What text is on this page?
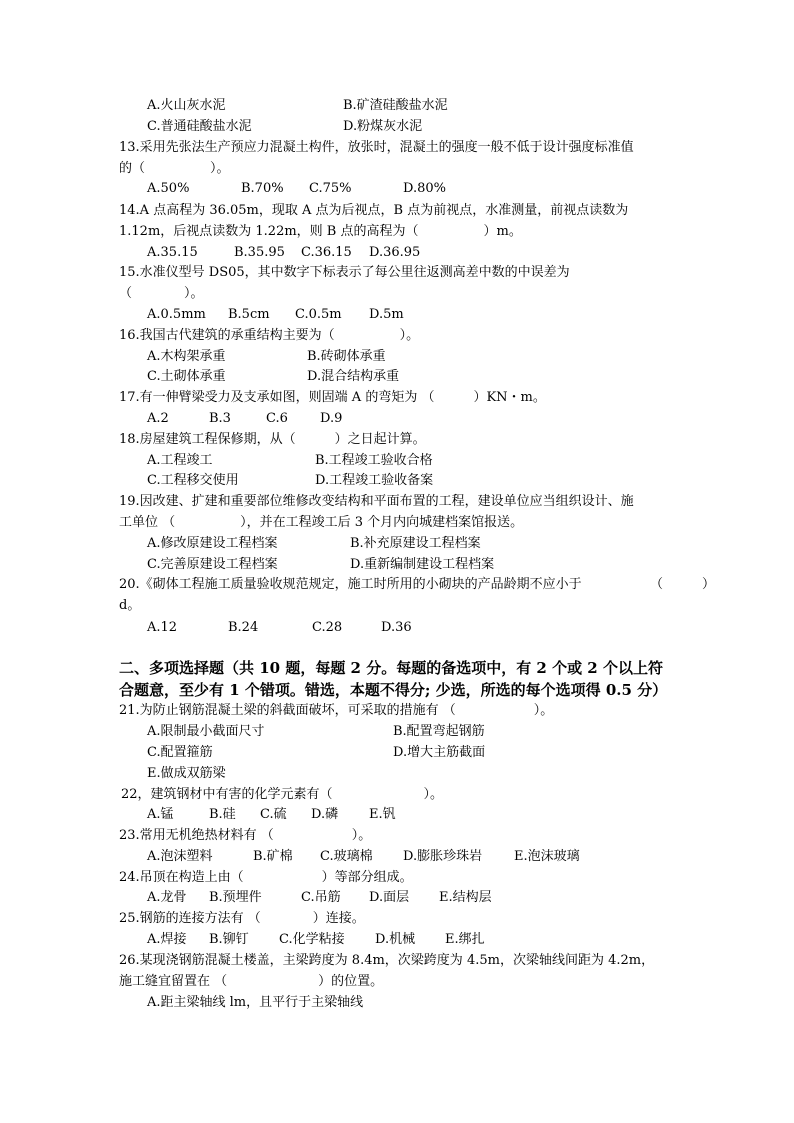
A.火山灰水泥	B.矿渣硅酸盐水泥
C.普通硅酸盐水泥	D.粉煤灰水泥
13.采用先张法生产预应力混凝土构件，放张时，混凝土的强度一般不低于设计强度标准值
的（　　　　　）。
A.50%	B.70% C.75%	D.80%
14.A 点高程为 36.05m，现取 A 点为后视点，B 点为前视点，水准测量，前视点读数为
1.12m，后视点读数为 1.22m，则 B 点的高程为（　　　　　）m。
A.35.15	B.35.95 C.36.15 D.36.95
15.水准仪型号 DS05，其中数字下标表示了每公里往返测高差中数的中误差为
（　　　　）。
A.0.5mm B.5cm C.0.5m D.5m
16.我国古代建筑的承重结构主要为（　　　　　）。
A.木构架承重	B.砖砌体承重
C.土砌体承重	D.混合结构承重
17.有一伸臂梁受力及支承如图，则固端 A 的弯矩为 （　　　）KN・m。
A.2	B.3	C.6 D.9
18.房屋建筑工程保修期，从（　　　）之日起计算。
A.工程竣工	B.工程竣工验收合格
C.工程移交使用	D.工程竣工验收备案
19.因改建、扩建和重要部位维修改变结构和平面布置的工程，建设单位应当组织设计、施
工单位 （　　　　　），并在工程竣工后 3 个月内向城建档案馆报送。
A.修改原建设工程档案	B.补充原建设工程档案
C.完善原建设工程档案	D.重新编制建设工程档案
20.《砌体工程施工质量验收规范规定，施工时所用的小砌块的产品龄期不应小于	（　　　）
d。
A.12	B.24	C.28	D.36
二、多项选择题（共 10 题，每题 2 分。每题的备选项中，有 2 个或 2 个以上符
合题意，至少有 1 个错项。错选，本题不得分; 少选，所选的每个选项得 0.5 分）
21.为防止钢筋混凝土梁的斜截面破坏，可采取的措施有 （　　　　　　）。
A.限制最小截面尺寸	B.配置弯起钢筋
C.配置箍筋	D.增大主筋截面
E.做成双筋梁
22，建筑钢材中有害的化学元素有（　　　　　　　）。
A.锰	B.硅 C.硫 D.磷 E.钒
23.常用无机绝热材料有 （　　　　　　）。
A.泡沫塑料	B.矿棉 C.玻璃棉 D.膨胀珍珠岩 E.泡沫玻璃
24.吊顶在构造上由（　　　　　　）等部分组成。
A.龙骨 B.预埋件	C.吊筋 D.面层 E.结构层
25.钢筋的连接方法有 （　　　　）连接。
A.焊接 B.铆钉 C.化学粘接 D.机械 E.绑扎
26.某现浇钢筋混凝土楼盖，主梁跨度为 8.4m，次梁跨度为 4.5m，次梁轴线间距为 4.2m，
施工缝宜留置在 （　　　　　　　）的位置。
A.距主梁轴线 lm，且平行于主梁轴线
